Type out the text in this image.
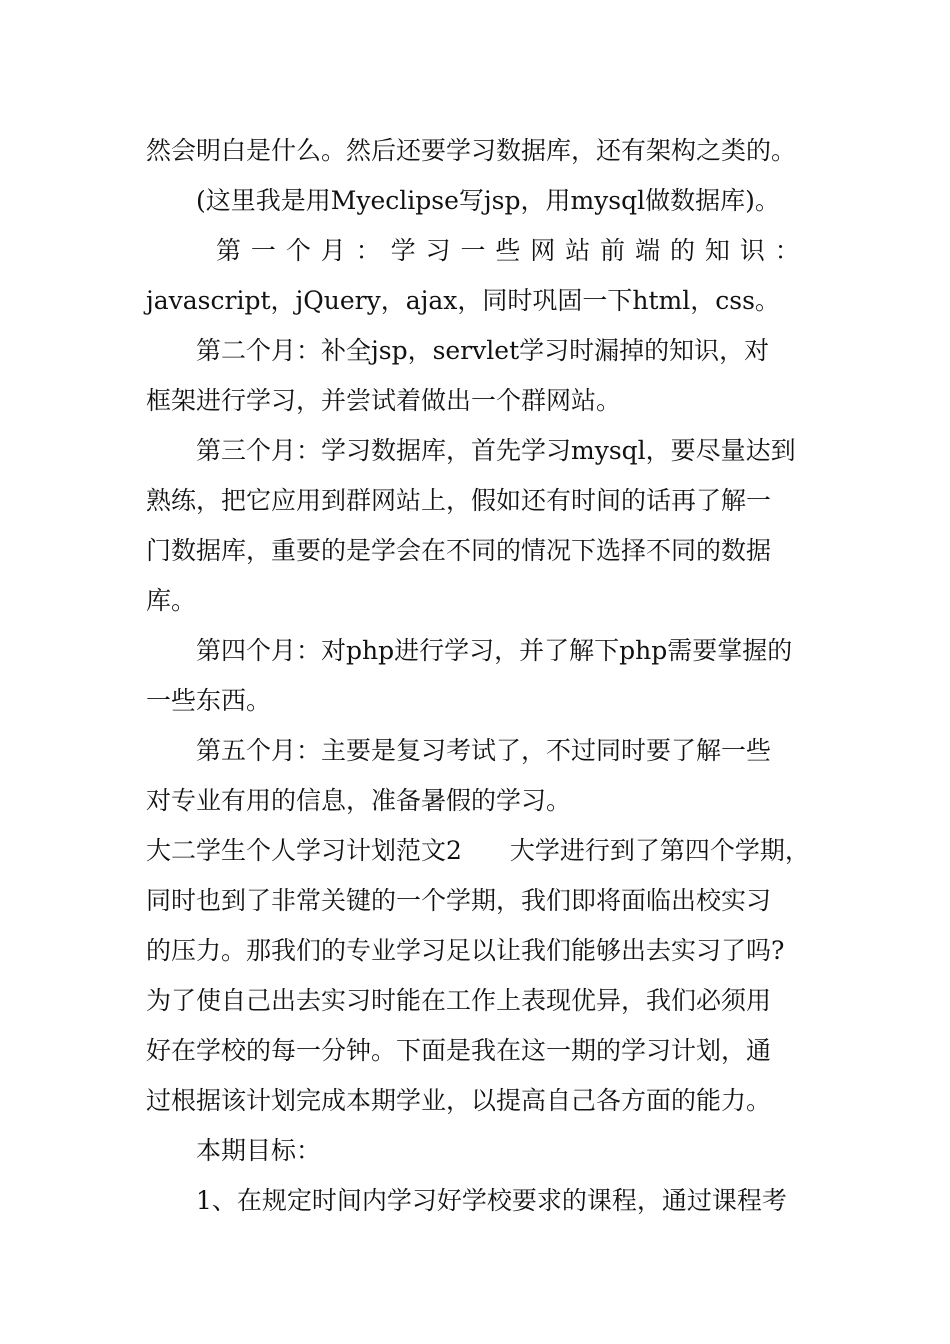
然会明白是什么。然后还要学习数据库，还有架构之类的。
(这里我是用Myeclipse写jsp，用mysql做数据库)。
第 一 个 月 ： 学 习 一 些 网 站 前 端 的 知 识 ：
javascript，jQuery，ajax，同时巩固一下html，css。
第二个月：补全jsp，servlet学习时漏掉的知识，对
框架进行学习，并尝试着做出一个群网站。
第三个月：学习数据库，首先学习mysql，要尽量达到
熟练，把它应用到群网站上，假如还有时间的话再了解一
门数据库，重要的是学会在不同的情况下选择不同的数据
库。
第四个月：对php进行学习，并了解下php需要掌握的
一些东西。
第五个月：主要是复习考试了，不过同时要了解一些
对专业有用的信息，准备暑假的学习。
大二学生个人学习计划范文2 大学进行到了第四个学期，
同时也到了非常关键的一个学期，我们即将面临出校实习
的压力。那我们的专业学习足以让我们能够出去实习了吗?
为了使自己出去实习时能在工作上表现优异，我们必须用
好在学校的每一分钟。下面是我在这一期的学习计划，通
过根据该计划完成本期学业，以提高自己各方面的能力。
本期目标：
1、在规定时间内学习好学校要求的课程，通过课程考
